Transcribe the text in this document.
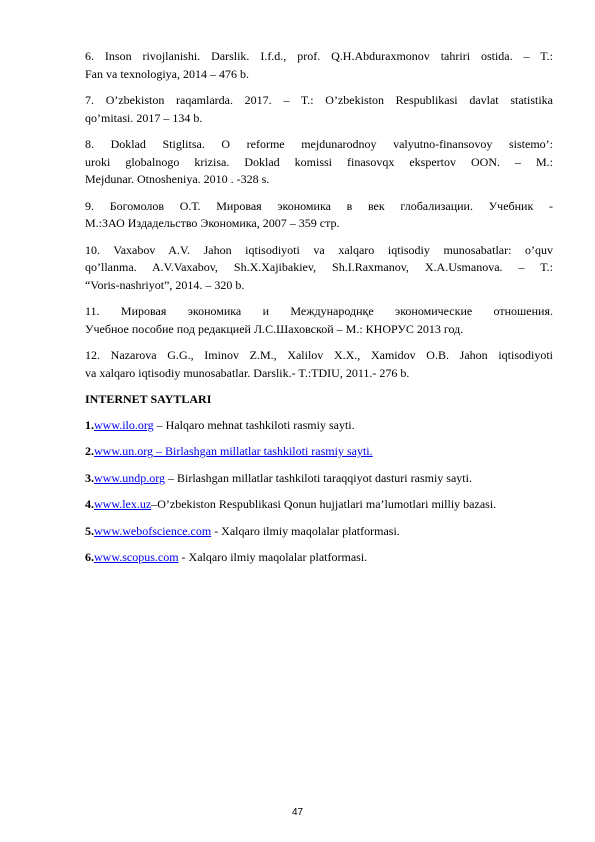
6. Inson rivojlanishi. Darslik. I.f.d., prof. Q.H.Abduraxmonov tahriri ostida. – T.:
Fan va texnologiya, 2014 – 476 b.
7. O’zbekiston raqamlarda. 2017. – T.: O’zbekiston Respublikasi davlat statistika
qo’mitasi. 2017 – 134 b.
8. Doklad Stiglitsa. O reforme mejdunarodnoy valyutno-finansovoy sistemo’:
uroki globalnogo krizisa. Doklad komissi finasovqx ekspertov OON. – M.:
Mejdunar. Otnosheniya. 2010 . -328 s.
9. Богомолов О.Т. Мировая экономика в век глобализации. Учебник -
М.:ЗАО Издадельство Экономика, 2007 – 359 стр.
10. Vaxabov A.V. Jahon iqtisodiyoti va xalqaro iqtisodiy munosabatlar: o’quv
qo’llanma. A.V.Vaxabov, Sh.X.Xajibakiev, Sh.I.Raxmanov, X.A.Usmanova. – T.:
“Voris-nashriyot”, 2014. – 320 b.
11. Мировая экономика и Международнқе экономические отношения.
Учебное пособие под редакцией Л.С.Шаховской – М.: КНОРУС 2013 год.
12. Nazarova G.G., Iminov Z.M., Xalilov X.X., Xamidov O.B. Jahon iqtisodiyoti
va xalqaro iqtisodiy munosabatlar. Darslik.- T.:TDIU, 2011.- 276 b.
INTERNET SAYTLARI
1.www.ilo.org – Halqaro mehnat tashkiloti rasmiy sayti.
2.www.un.org – Birlashgan millatlar tashkiloti rasmiy sayti.
3.www.undp.org – Birlashgan millatlar tashkiloti taraqqiyot dasturi rasmiy sayti.
4.www.lex.uz–O’zbekiston Respublikasi Qonun hujjatlari ma’lumotlari milliy bazasi.
5.www.webofscience.com - Xalqaro ilmiy maqolalar platformasi.
6.www.scopus.com - Xalqaro ilmiy maqolalar platformasi.
47
